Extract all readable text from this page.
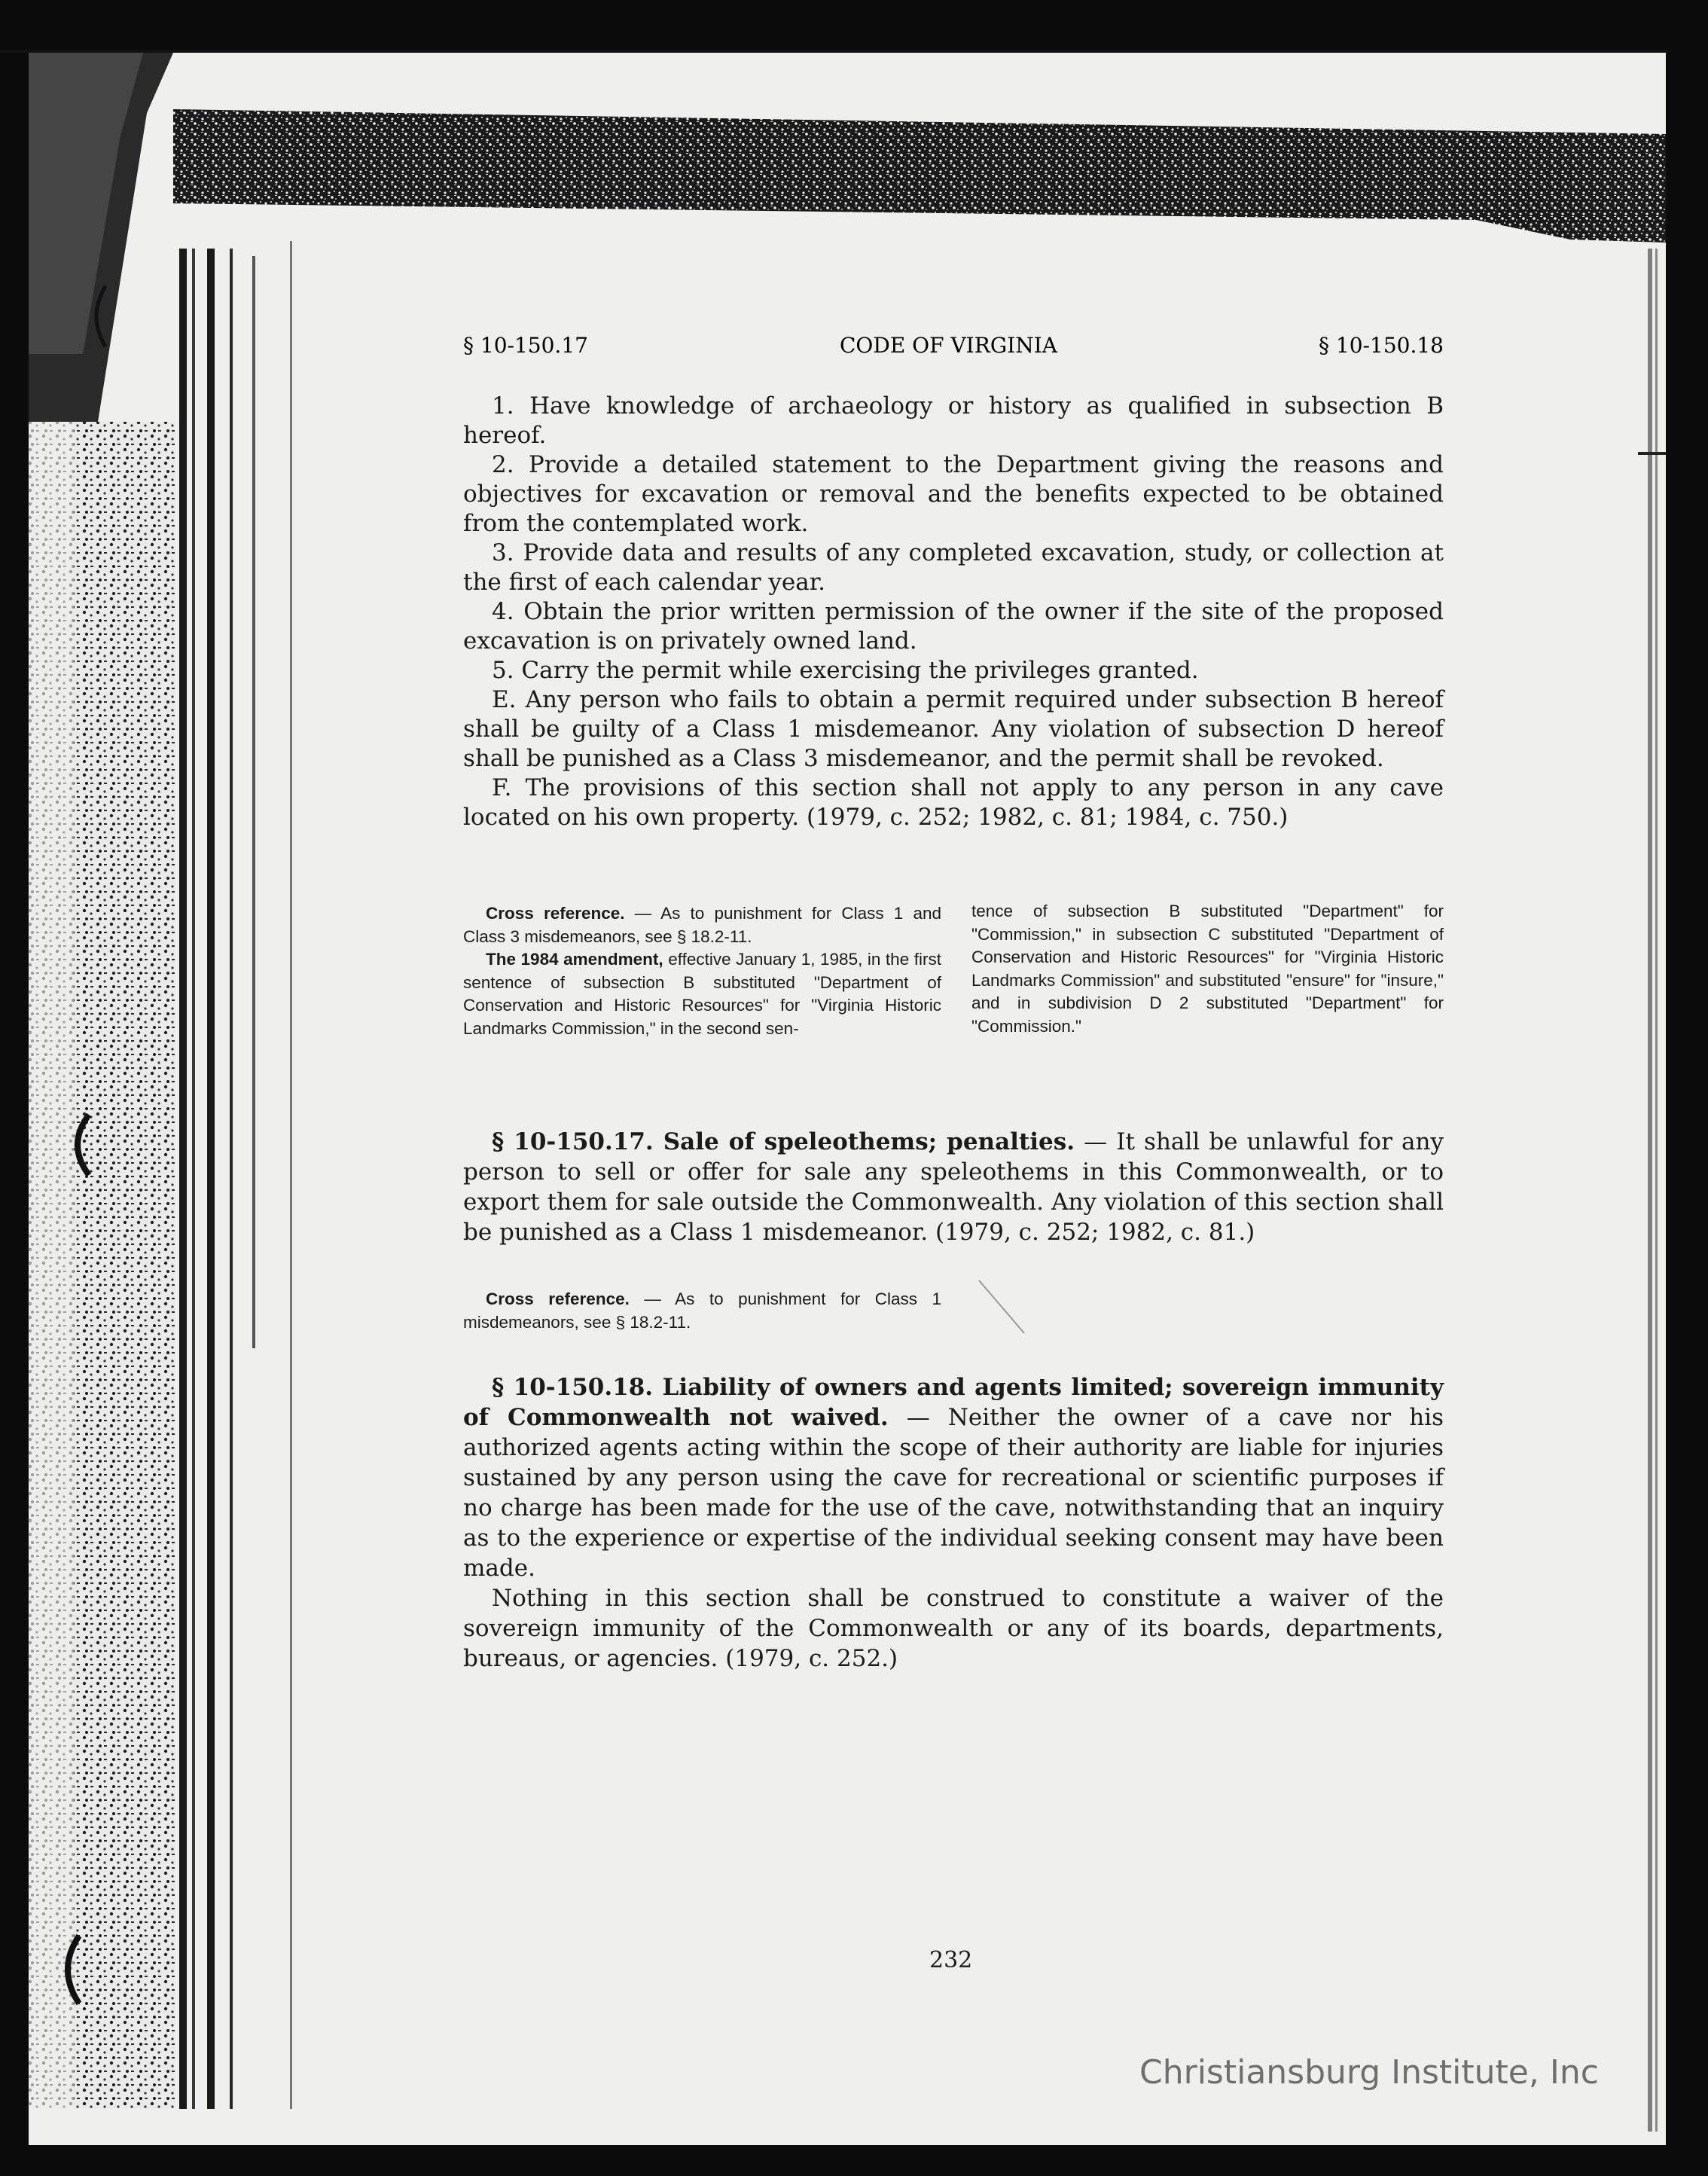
§ 10-150.17	CODE OF VIRGINIA	§ 10-150.18

1. Have knowledge of archaeology or history as qualified in subsection B hereof.

2. Provide a detailed statement to the Department giving the reasons and objectives for excavation or removal and the benefits expected to be obtained from the contemplated work.

3. Provide data and results of any completed excavation, study, or collection at the first of each calendar year.

4. Obtain the prior written permission of the owner if the site of the proposed excavation is on privately owned land.

5. Carry the permit while exercising the privileges granted.

E. Any person who fails to obtain a permit required under subsection B hereof shall be guilty of a Class 1 misdemeanor. Any violation of subsection D hereof shall be punished as a Class 3 misdemeanor, and the permit shall be revoked.

F. The provisions of this section shall not apply to any person in any cave located on his own property. (1979, c. 252; 1982, c. 81; 1984, c. 750.)

Cross reference. — As to punishment for Class 1 and Class 3 misdemeanors, see § 18.2-11.

The 1984 amendment, effective January 1, 1985, in the first sentence of subsection B substituted "Department of Conservation and Historic Resources" for "Virginia Historic Landmarks Commission," in the second sen-

tence of subsection B substituted "Department" for "Commission," in subsection C substituted "Department of Conservation and Historic Resources" for "Virginia Historic Landmarks Commission" and substituted "ensure" for "insure," and in subdivision D 2 substituted "Department" for "Commission."

§ 10-150.17. Sale of speleothems; penalties. — It shall be unlawful for any person to sell or offer for sale any speleothems in this Commonwealth, or to export them for sale outside the Commonwealth. Any violation of this section shall be punished as a Class 1 misdemeanor. (1979, c. 252; 1982, c. 81.)

Cross reference. — As to punishment for Class 1 misdemeanors, see § 18.2-11.

§ 10-150.18. Liability of owners and agents limited; sovereign immunity of Commonwealth not waived. — Neither the owner of a cave nor his authorized agents acting within the scope of their authority are liable for injuries sustained by any person using the cave for recreational or scientific purposes if no charge has been made for the use of the cave, notwithstanding that an inquiry as to the experience or expertise of the individual seeking consent may have been made.

Nothing in this section shall be construed to constitute a waiver of the sovereign immunity of the Commonwealth or any of its boards, departments, bureaus, or agencies. (1979, c. 252.)

232
Christiansburg Institute, Inc
